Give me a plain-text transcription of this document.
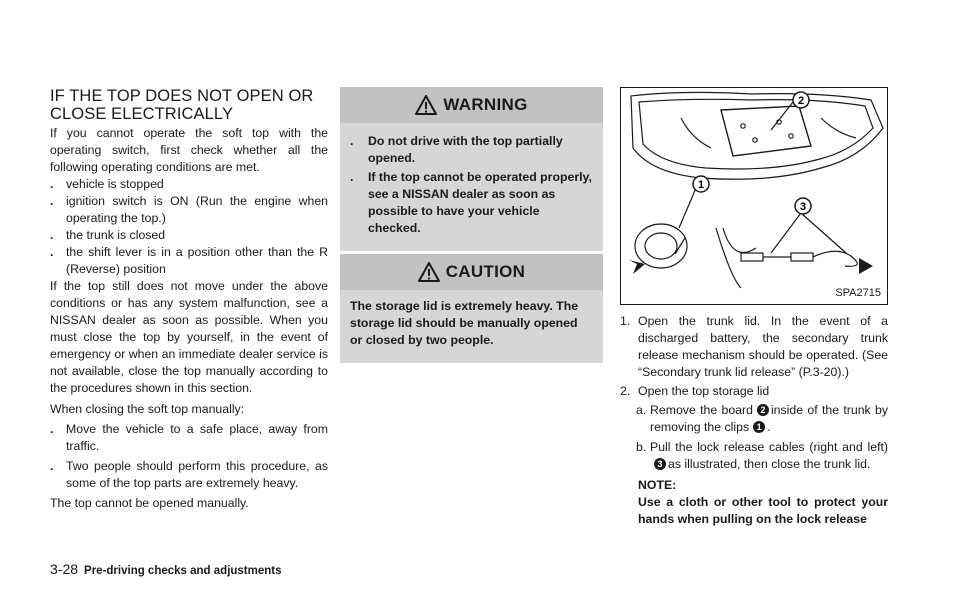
IF THE TOP DOES NOT OPEN OR
CLOSE ELECTRICALLY

If you cannot operate the soft top with the operating switch, first check whether all the following operating conditions are met.

. vehicle is stopped
. ignition switch is ON (Run the engine when operating the top.)
. the trunk is closed
. the shift lever is in a position other than the R (Reverse) position

If the top still does not move under the above conditions or has any system malfunction, see a NISSAN dealer as soon as possible. When you must close the top by yourself, in the event of emergency or when an immediate dealer service is not available, close the top manually according to the procedures shown in this section.

When closing the soft top manually:

. Move the vehicle to a safe place, away from traffic.
. Two people should perform this procedure, as some of the top parts are extremely heavy.

The top cannot be opened manually.

WARNING
. Do not drive with the top partially opened.
. If the top cannot be operated properly, see a NISSAN dealer as soon as possible to have your vehicle checked.
CAUTION

The storage lid is extremely heavy. The storage lid should be manually opened or closed by two people.

2
1
3
SPA2715
1. Open the trunk lid. In the event of a discharged battery, the secondary trunk release mechanism should be operated. (See “Secondary trunk lid release” (P.3-20).)
2. Open the top storage lid
a. Remove the board 2 inside of the trunk by removing the clips 1 .
b. Pull the lock release cables (right and left)3 as illustrated, then close the trunk lid.
NOTE:
Use a cloth or other tool to protect your hands when pulling on the lock release
3-28 Pre-driving checks and adjustments
